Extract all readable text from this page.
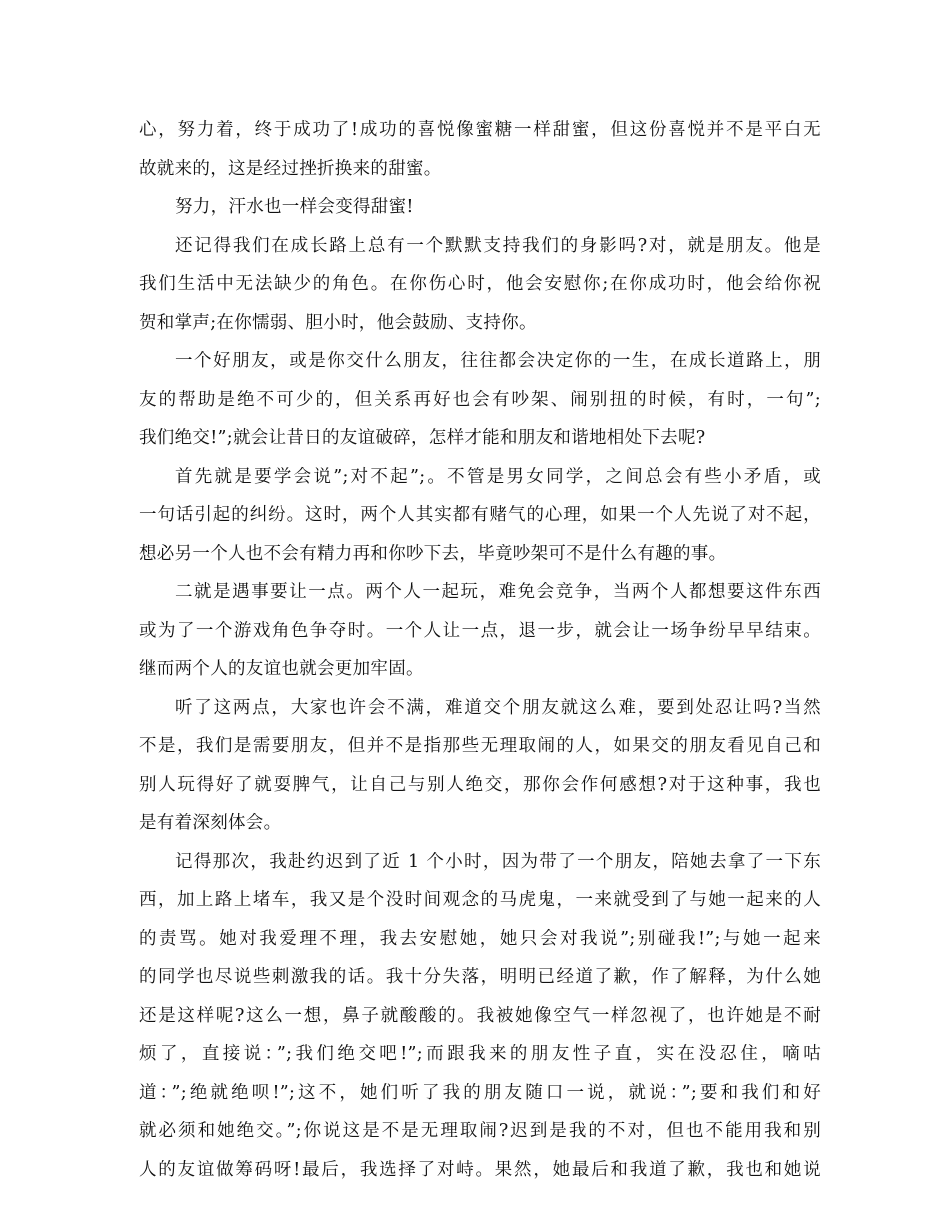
心，努力着，终于成功了!成功的喜悦像蜜糖一样甜蜜，但这份喜悦并不是平白无
故就来的，这是经过挫折换来的甜蜜。
努力，汗水也一样会变得甜蜜!
还记得我们在成长路上总有一个默默支持我们的身影吗?对，就是朋友。他是
我们生活中无法缺少的角色。在你伤心时，他会安慰你;在你成功时，他会给你祝
贺和掌声;在你懦弱、胆小时，他会鼓励、支持你。
一个好朋友，或是你交什么朋友，往往都会决定你的一生，在成长道路上，朋
友的帮助是绝不可少的，但关系再好也会有吵架、闹别扭的时候，有时，一句”;
我们绝交!”;就会让昔日的友谊破碎，怎样才能和朋友和谐地相处下去呢?
首先就是要学会说”;对不起”;。不管是男女同学，之间总会有些小矛盾，或
一句话引起的纠纷。这时，两个人其实都有赌气的心理，如果一个人先说了对不起，
想必另一个人也不会有精力再和你吵下去，毕竟吵架可不是什么有趣的事。
二就是遇事要让一点。两个人一起玩，难免会竞争，当两个人都想要这件东西
或为了一个游戏角色争夺时。一个人让一点，退一步，就会让一场争纷早早结束。
继而两个人的友谊也就会更加牢固。
听了这两点，大家也许会不满，难道交个朋友就这么难，要到处忍让吗?当然
不是，我们是需要朋友，但并不是指那些无理取闹的人，如果交的朋友看见自己和
别人玩得好了就耍脾气，让自己与别人绝交，那你会作何感想?对于这种事，我也
是有着深刻体会。
记得那次，我赴约迟到了近 1 个小时，因为带了一个朋友，陪她去拿了一下东
西，加上路上堵车，我又是个没时间观念的马虎鬼，一来就受到了与她一起来的人
的责骂。她对我爱理不理，我去安慰她，她只会对我说”;别碰我!”;与她一起来
的同学也尽说些刺激我的话。我十分失落，明明已经道了歉，作了解释，为什么她
还是这样呢?这么一想，鼻子就酸酸的。我被她像空气一样忽视了，也许她是不耐
烦了，直接说：”;我们绝交吧!”;而跟我来的朋友性子直，实在没忍住，嘀咕
道：”;绝就绝呗!”;这不，她们听了我的朋友随口一说，就说：”;要和我们和好
就必须和她绝交。”;你说这是不是无理取闹?迟到是我的不对，但也不能用我和别
人的友谊做筹码呀!最后，我选择了对峙。果然，她最后和我道了歉，我也和她说
